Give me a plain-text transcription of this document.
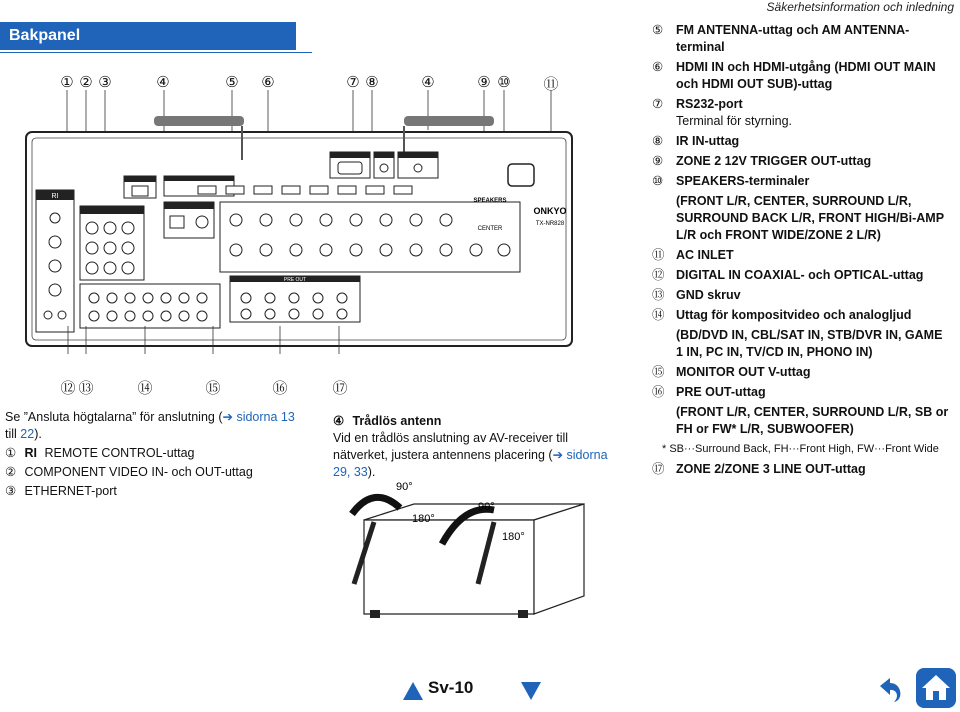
Säkerhetsinformation och inledning
Bakpanel
① ② ③	④	⑤ ⑥	⑦ ⑧	④	⑨ ⑩ ⑪
RI
ONKYO
TX-NR828
CENTER
SPEAKERS
PRE OUT
⑫ ⑬	⑭	⑮	⑯	⑰
Se ”Ansluta högtalarna” för anslutning (➔ sidorna 13
till 22).
① RI REMOTE CONTROL-uttag
② COMPONENT VIDEO IN- och OUT-uttag
③ ETHERNET-port
④ Trådlös antenn
Vid en trådlös anslutning av AV-receiver till nätverket, justera antennens placering (➔ sidorna 29, 33).
90°
180°
90°
180°
⑤	FM ANTENNA-uttag och AM ANTENNA-terminal
⑥	HDMI IN och HDMI-utgång (HDMI OUT MAIN och HDMI OUT SUB)-uttag
⑦	RS232-port
Terminal för styrning.
⑧	IR IN-uttag
⑨	ZONE 2 12V TRIGGER OUT-uttag
⑩	SPEAKERS-terminaler
(FRONT L/R, CENTER, SURROUND L/R, SURROUND BACK L/R, FRONT HIGH/Bi-AMP L/R och FRONT WIDE/ZONE 2 L/R)
⑪ AC INLET
⑫ DIGITAL IN COAXIAL- och OPTICAL-uttag
⑬ GND skruv
⑭ Uttag för kompositvideo och analogljud
(BD/DVD IN, CBL/SAT IN, STB/DVR IN, GAME 1 IN, PC IN, TV/CD IN, PHONO IN)
⑮ MONITOR OUT V-uttag
⑯ PRE OUT-uttag
(FRONT L/R, CENTER, SURROUND L/R, SB or FH or FW* L/R, SUBWOOFER)
* SB···Surround Back, FH···Front High, FW···Front Wide
⑰ ZONE 2/ZONE 3 LINE OUT-uttag
Sv-10
